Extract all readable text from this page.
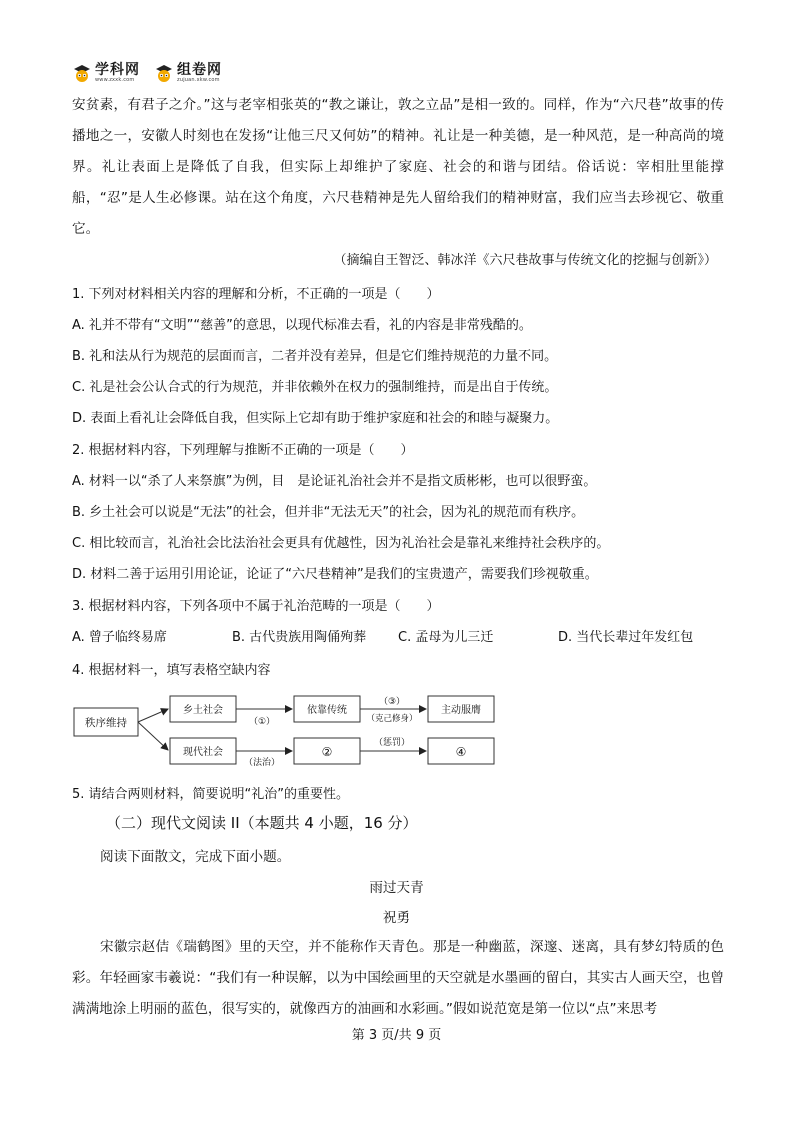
学科网
www.zxxk.com
组卷网
zujuan.xkw.com
安贫素，有君子之介。”这与老宰相张英的“教之谦让，敦之立品”是相一致的。同样，作为“六尺巷”故事的传播地之一，安徽人时刻也在发扬“让他三尺又何妨”的精神。礼让是一种美德，是一种风范，是一种高尚的境界。礼让表面上是降低了自我，但实际上却维护了家庭、社会的和谐与团结。俗话说：宰相肚里能撑船，“忍”是人生必修课。站在这个角度，六尺巷精神是先人留给我们的精神财富，我们应当去珍视它、敬重它。
（摘编自王智泛、韩冰洋《六尺巷故事与传统文化的挖掘与创新》）
1. 下列对材料相关内容的理解和分析，不正确的一项是（　　）
A. 礼并不带有“文明”“慈善”的意思，以现代标准去看，礼的内容是非常残酷的。
B. 礼和法从行为规范的层面而言，二者并没有差异，但是它们维持规范的力量不同。
C. 礼是社会公认合式的行为规范，并非依赖外在权力的强制维持，而是出自于传统。
D. 表面上看礼让会降低自我，但实际上它却有助于维护家庭和社会的和睦与凝聚力。
2. 根据材料内容，下列理解与推断不正确的一项是（　　）
A. 材料一以“杀了人来祭旗”为例，目　是论证礼治社会并不是指文质彬彬，也可以很野蛮。
B. 乡土社会可以说是“无法”的社会，但并非“无法无天”的社会，因为礼的规范而有秩序。
C. 相比较而言，礼治社会比法治社会更具有优越性，因为礼治社会是靠礼来维持社会秩序的。
D. 材料二善于运用引用论证，论证了“六尺巷精神”是我们的宝贵遗产，需要我们珍视敬重。
3. 根据材料内容，下列各项中不属于礼治范畴的一项是（　　）
A. 曾子临终易席	B. 古代贵族用陶俑殉葬 C. 孟母为儿三迁	D. 当代长辈过年发红包
4. 根据材料一，填写表格空缺内容
秩序维持
乡土社会
（①）
依靠传统
（③）
（克己修身）
主动服膺
现代社会
（法治）
②
（惩罚）
④
5. 请结合两则材料，简要说明“礼治”的重要性。
（二）现代文阅读 II（本题共 4 小题，16 分）
阅读下面散文，完成下面小题。
雨过天青
祝勇
宋徽宗赵佶《瑞鹤图》里的天空，并不能称作天青色。那是一种幽蓝，深邃、迷离，具有梦幻特质的色彩。年轻画家韦羲说：“我们有一种误解，以为中国绘画里的天空就是水墨画的留白，其实古人画天空，也曾满满地涂上明丽的蓝色，很写实的，就像西方的油画和水彩画。”假如说范宽是第一位以“点”来思考
第 3 页/共 9 页
